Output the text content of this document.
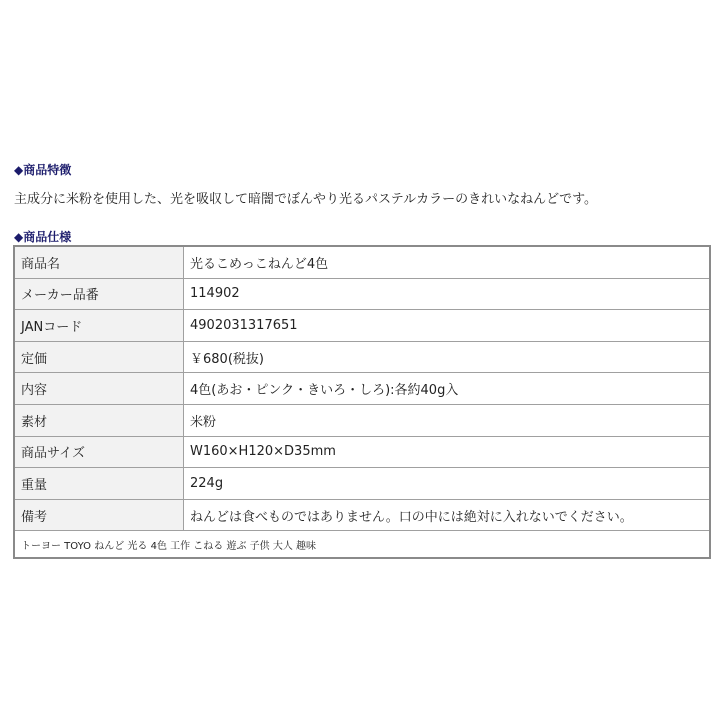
◆商品特徴
主成分に米粉を使用した、光を吸収して暗闇でぼんやり光るパステルカラーのきれいなねんどです。
◆商品仕様
商品名	光るこめっこねんど4色
メーカー品番	114902
JANコード	4902031317651
定価	￥680(税抜)
内容	4色(あお・ピンク・きいろ・しろ):各約40g入
素材	米粉
商品サイズ	W160×H120×D35mm
重量	224g
備考	ねんどは食べものではありません。口の中には絶対に入れないでください。
トーヨー TOYO ねんど 光る 4色 工作 こねる 遊ぶ 子供 大人 趣味	
